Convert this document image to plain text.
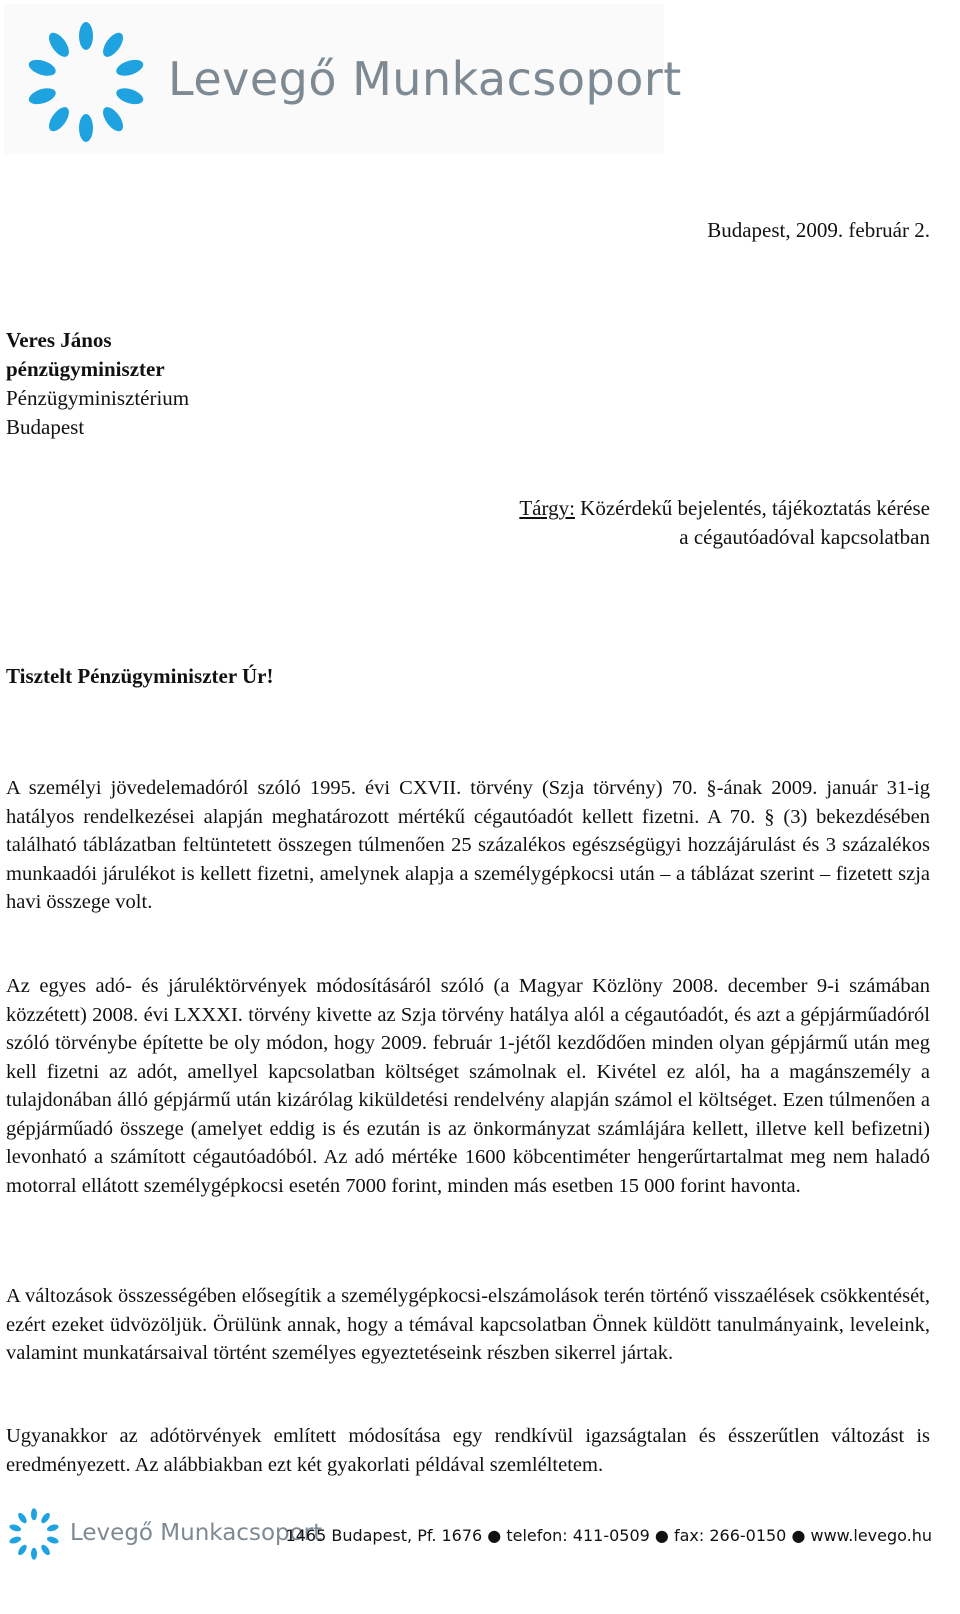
Levegő Munkacsoport
Budapest, 2009. február 2.
Veres János
pénzügyminiszter
Pénzügyminisztérium
Budapest
Tárgy: Közérdekű bejelentés, tájékoztatás kérése
a cégautóadóval kapcsolatban
Tisztelt Pénzügyminiszter Úr!

A személyi jövedelemadóról szóló 1995. évi CXVII. törvény (Szja törvény) 70. §-ának 2009. január 31-ig hatályos rendelkezései alapján meghatározott mértékű cégautóadót kellett fizetni. A 70. § (3) bekezdésében található táblázatban feltüntetett összegen túlmenően 25 százalékos egészségügyi hozzájárulást és 3 százalékos munkaadói járulékot is kellett fizetni, amelynek alapja a személygépkocsi után – a táblázat szerint – fizetett szja havi összege volt.

Az egyes adó- és járuléktörvények módosításáról szóló (a Magyar Közlöny 2008. december 9-i számában közzétett) 2008. évi LXXXI. törvény kivette az Szja törvény hatálya alól a cégautóadót, és azt a gépjárműadóról szóló törvénybe építette be oly módon, hogy 2009. február 1-jétől kezdődően minden olyan gépjármű után meg kell fizetni az adót, amellyel kapcsolatban költséget számolnak el. Kivétel ez alól, ha a magánszemély a tulajdonában álló gépjármű után kizárólag kiküldetési rendelvény alapján számol el költséget. Ezen túlmenően a gépjárműadó összege (amelyet eddig is és ezután is az önkormányzat számlájára kellett, illetve kell befizetni) levonható a számított cégautóadóból. Az adó mértéke 1600 köbcentiméter hengerűrtartalmat meg nem haladó motorral ellátott személygépkocsi esetén 7000 forint, minden más esetben 15 000 forint havonta.

A változások összességében elősegítik a személygépkocsi-elszámolások terén történő visszaélések csökkentését, ezért ezeket üdvözöljük. Örülünk annak, hogy a témával kapcsolatban Önnek küldött tanulmányaink, leveleink, valamint munkatársaival történt személyes egyeztetéseink részben sikerrel jártak.

Ugyanakkor az adótörvények említett módosítása egy rendkívül igazságtalan és ésszerűtlen változást is eredményezett. Az alábbiakban ezt két gyakorlati példával szemléltetem.

Levegő Munkacsoport
1465 Budapest, Pf. 1676 ● telefon: 411-0509 ● fax: 266-0150 ● www.levego.hu
